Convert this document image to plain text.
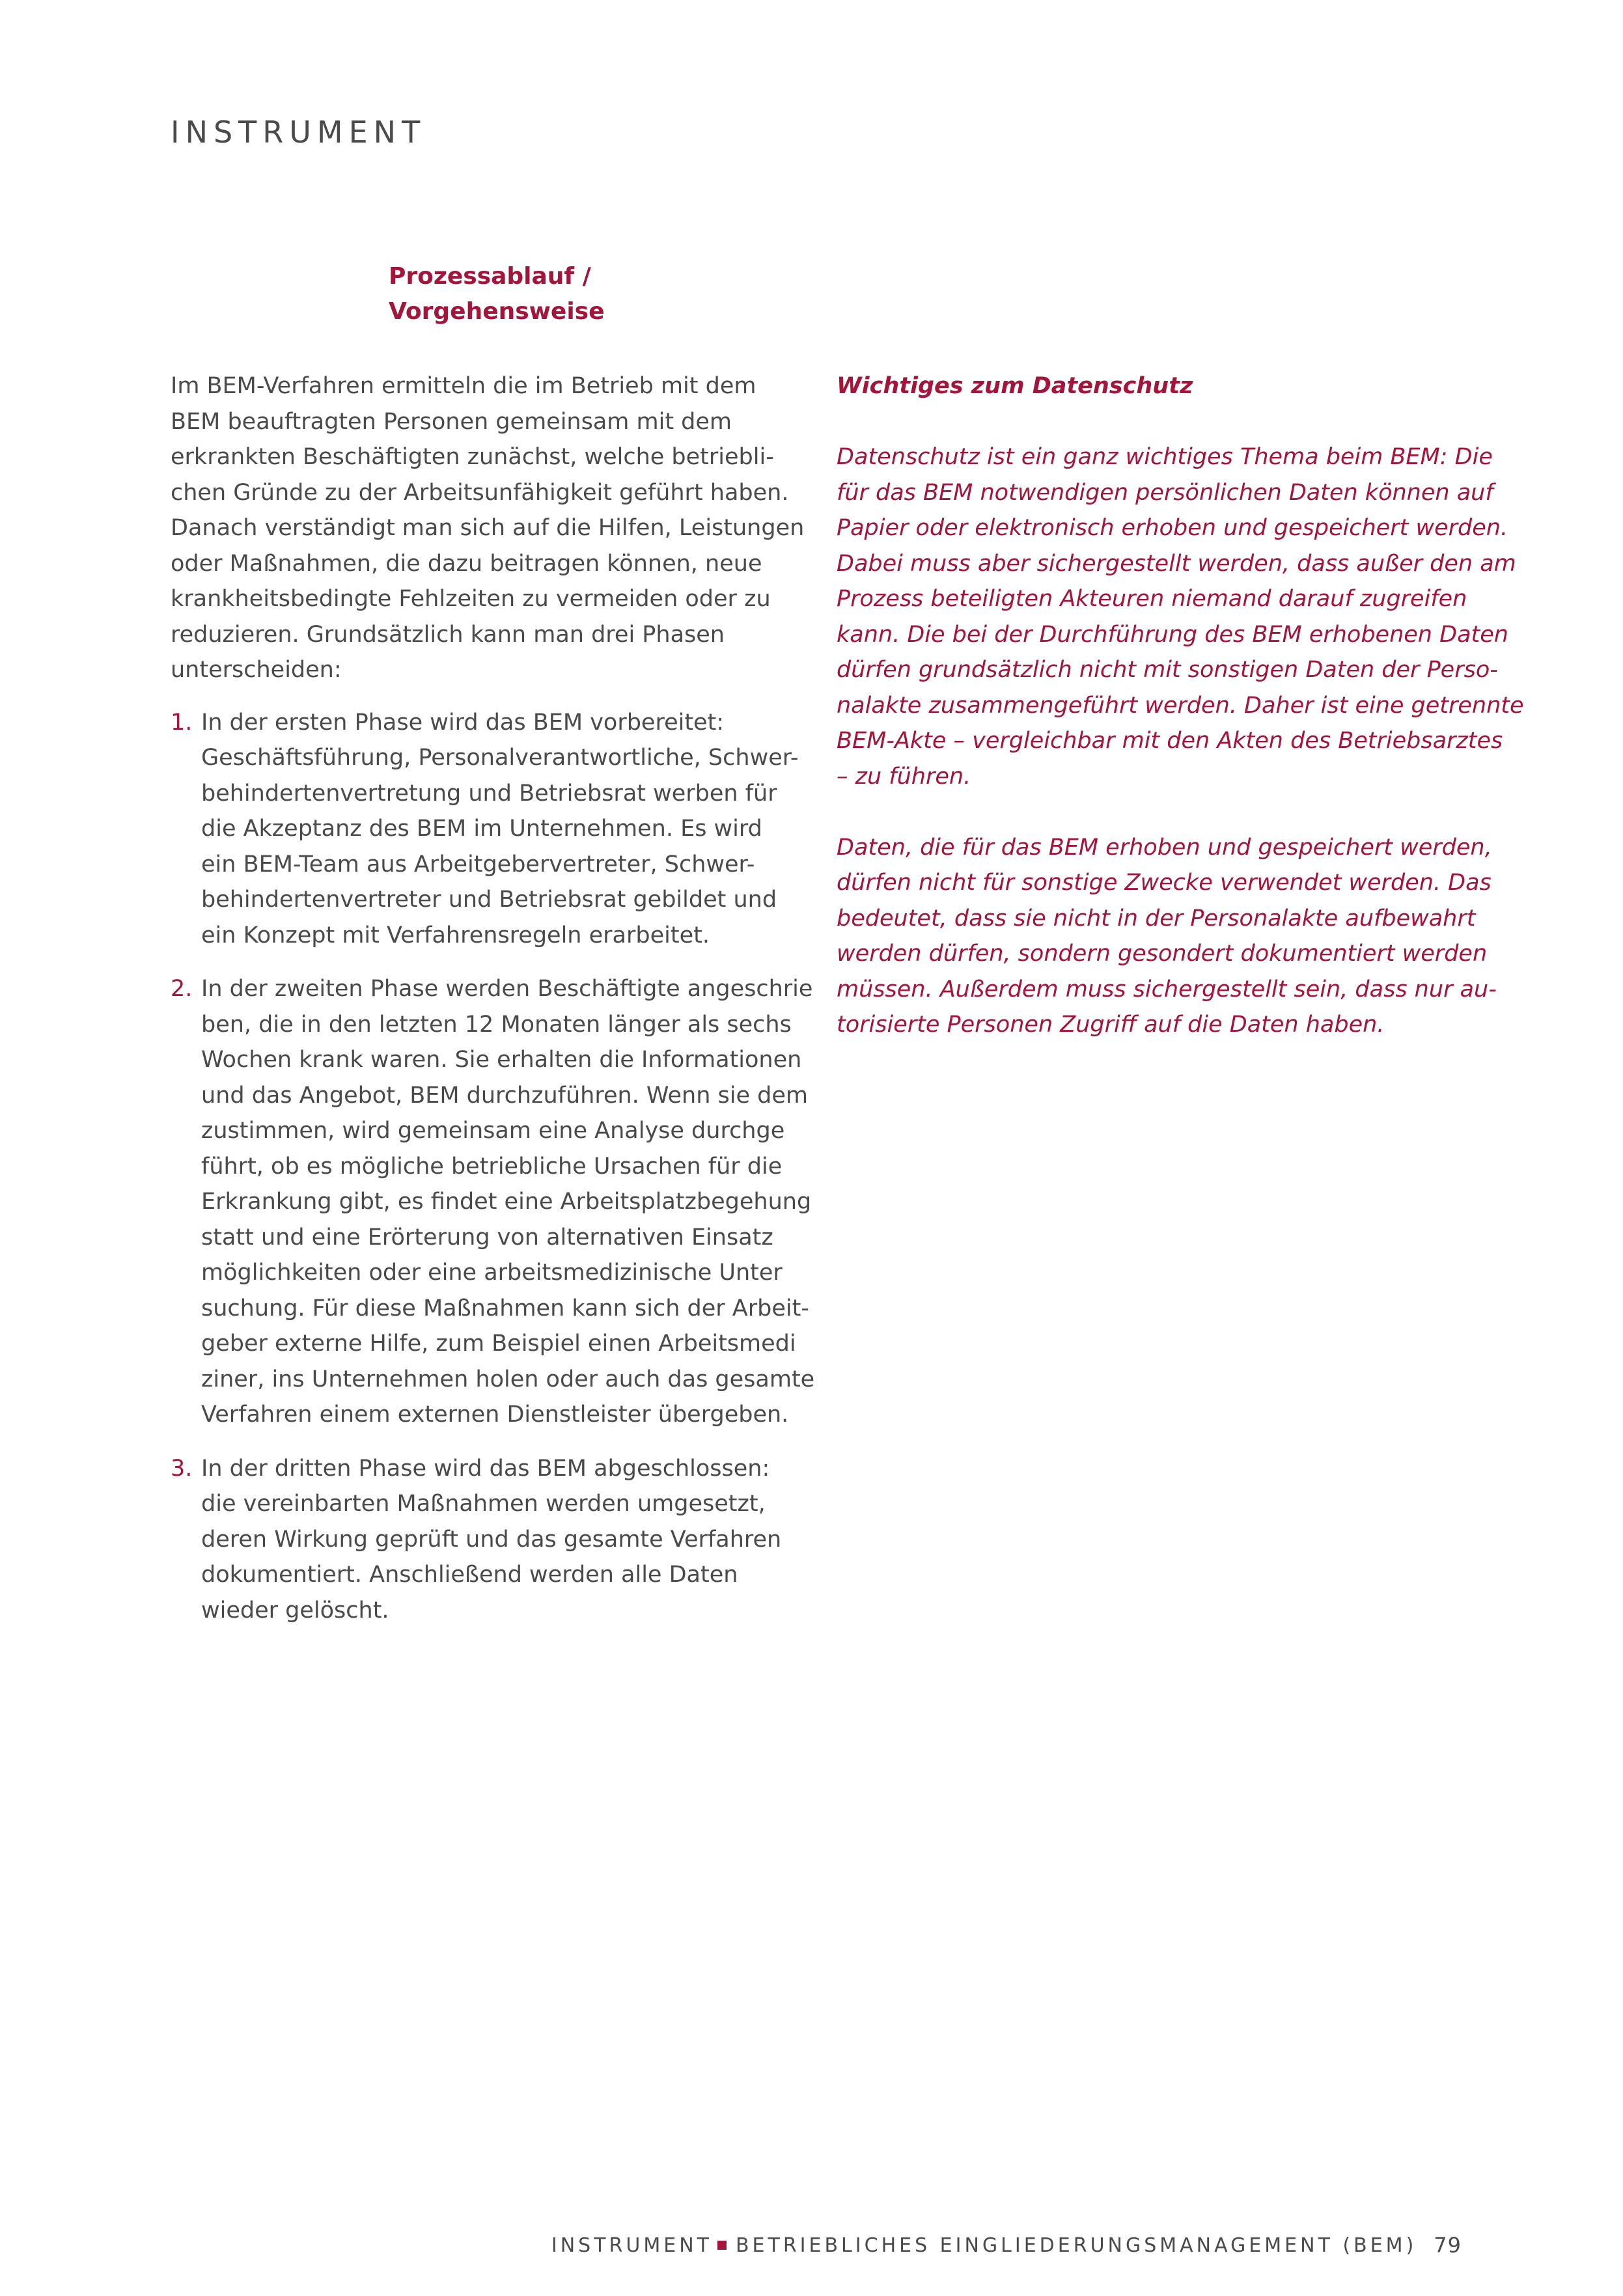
INSTRUMENT
Prozessablauf /
Vorgehensweise

Im BEM-Verfahren ermitteln die im Betrieb mit dem
BEM beauftragten Personen gemeinsam mit dem
erkrankten Beschäftigten zunächst, welche betriebli-
chen Gründe zu der Arbeitsunfähigkeit geführt haben.
Danach verständigt man sich auf die Hilfen, Leistungen
oder Maßnahmen, die dazu beitragen können, neue
krankheitsbedingte Fehlzeiten zu vermeiden oder zu
reduzieren. Grundsätzlich kann man drei Phasen
unterscheiden:

1. In der ersten Phase wird das BEM vorbereitet:
Geschäftsführung, Personalverantwortliche, Schwer-
behindertenvertretung und Betriebsrat werben für
die Akzeptanz des BEM im Unternehmen. Es wird
ein BEM-Team aus Arbeitgebervertreter, Schwer-
behindertenvertreter und Betriebsrat gebildet und
ein Konzept mit Verfahrensregeln erarbeitet.
2. In der zweiten Phase werden Beschäftigte angeschrie
ben, die in den letzten 12 Monaten länger als sechs
Wochen krank waren. Sie erhalten die Informationen
und das Angebot, BEM durchzuführen. Wenn sie dem
zustimmen, wird gemeinsam eine Analyse durchge
führt, ob es mögliche betriebliche Ursachen für die
Erkrankung gibt, es findet eine Arbeitsplatzbegehung
statt und eine Erörterung von alternativen Einsatz
möglichkeiten oder eine arbeitsmedizinische Unter
suchung. Für diese Maßnahmen kann sich der Arbeit-
geber externe Hilfe, zum Beispiel einen Arbeitsmedi
ziner, ins Unternehmen holen oder auch das gesamte
Verfahren einem externen Dienstleister übergeben.
3. In der dritten Phase wird das BEM abgeschlossen:
die vereinbarten Maßnahmen werden umgesetzt,
deren Wirkung geprüft und das gesamte Verfahren
dokumentiert. Anschließend werden alle Daten
wieder gelöscht.
Wichtiges zum Datenschutz

Datenschutz ist ein ganz wichtiges Thema beim BEM: Die
für das BEM notwendigen persönlichen Daten können auf
Papier oder elektronisch erhoben und gespeichert werden.
Dabei muss aber sichergestellt werden, dass außer den am
Prozess beteiligten Akteuren niemand darauf zugreifen
kann. Die bei der Durchführung des BEM erhobenen Daten
dürfen grundsätzlich nicht mit sonstigen Daten der Perso-
nalakte zusammengeführt werden. Daher ist eine getrennte
BEM-Akte – vergleichbar mit den Akten des Betriebsarztes
– zu führen.

Daten, die für das BEM erhoben und gespeichert werden,
dürfen nicht für sonstige Zwecke verwendet werden. Das
bedeutet, dass sie nicht in der Personalakte aufbewahrt
werden dürfen, sondern gesondert dokumentiert werden
müssen. Außerdem muss sichergestellt sein, dass nur au-
torisierte Personen Zugriff auf die Daten haben.

INSTRUMENT BETRIEBLICHES EINGLIEDERUNGSMANAGEMENT (BEM) 79
